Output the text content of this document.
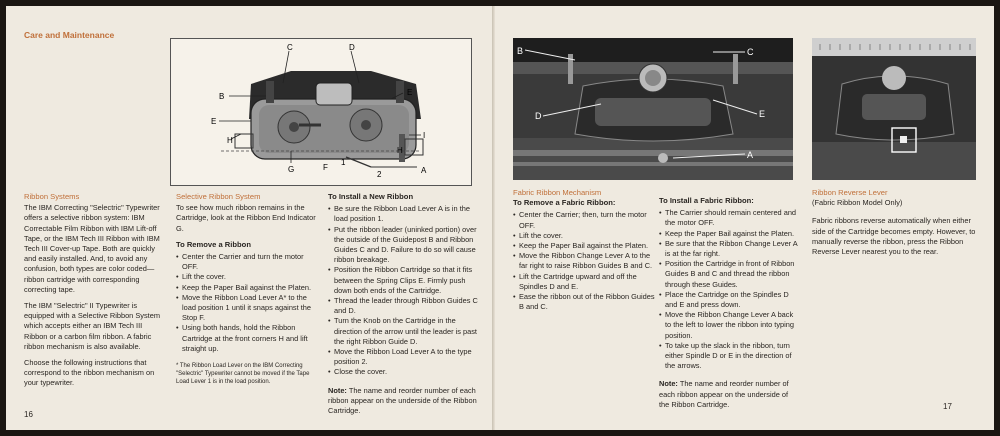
Care and Maintenance
C	D
B	E
E
H
H
I
G	F
1
2	A
Ribbon Systems

The IBM Correcting "Selectric" Typewriter offers a selective ribbon system: IBM Correctable Film Ribbon with IBM Lift-off Tape, or the IBM Tech III Ribbon with IBM Tech III Cover-up Tape. Both are quickly and easily installed. And, to avoid any confusion, both types are color coded—ribbon cartridge with corresponding correcting tape.

The IBM "Selectric" II Typewriter is equipped with a Selective Ribbon System which accepts either an IBM Tech III Ribbon or a carbon film ribbon. A fabric ribbon mechanism is also available.

Choose the following instructions that correspond to the ribbon mechanism on your typewriter.

Selective Ribbon System

To see how much ribbon remains in the Cartridge, look at the Ribbon End Indicator G.

To Remove a Ribbon
• Center the Carrier and turn the motor OFF.
• Lift the cover.
• Keep the Paper Bail against the Platen.
• Move the Ribbon Load Lever A* to the load position 1 until it snaps against the Stop F.
• Using both hands, hold the Ribbon Cartridge at the front corners H and lift straight up.
* The Ribbon Load Lever on the IBM Correcting "Selectric" Typewriter cannot be moved if the Tape Load Lever 1 is in the load position.
To Install a New Ribbon
• Be sure the Ribbon Load Lever A is in the load position 1.
• Put the ribbon leader (uninked portion) over the outside of the Guidepost B and Ribbon Guides C and D. Failure to do so will cause ribbon breakage.
• Position the Ribbon Cartridge so that it fits between the Spring Clips E. Firmly push down both ends of the Cartridge.
• Thread the leader through Ribbon Guides C and D.
• Turn the Knob on the Cartridge in the direction of the arrow until the leader is past the right Ribbon Guide D.
• Move the Ribbon Load Lever A to the type position 2.
• Close the cover.

Note: The name and reorder number of each ribbon appear on the underside of the Ribbon Cartridge.

16
B	C
D	E
A
Fabric Ribbon Mechanism
To Remove a Fabric Ribbon:
• Center the Carrier; then, turn the motor OFF.
• Lift the cover.
• Keep the Paper Bail against the Platen.
• Move the Ribbon Change Lever A to the far right to raise Ribbon Guides B and C.
• Lift the Cartridge upward and off the Spindles D and E.
• Ease the ribbon out of the Ribbon Guides B and C.
To Install a Fabric Ribbon:
• The Carrier should remain centered and the motor OFF.
• Keep the Paper Bail against the Platen.
• Be sure that the Ribbon Change Lever A is at the far right.
• Position the Cartridge in front of Ribbon Guides B and C and thread the ribbon through these Guides.
• Place the Cartridge on the Spindles D and E and press down.
• Move the Ribbon Change Lever A back to the left to lower the ribbon into typing position.
• To take up the slack in the ribbon, turn either Spindle D or E in the direction of the arrows.

Note: The name and reorder number of each ribbon appear on the underside of the Ribbon Cartridge.

Ribbon Reverse Lever
(Fabric Ribbon Model Only)

Fabric ribbons reverse automatically when either side of the Cartridge becomes empty. However, to manually reverse the ribbon, press the Ribbon Reverse Lever nearest you to the rear.

17
